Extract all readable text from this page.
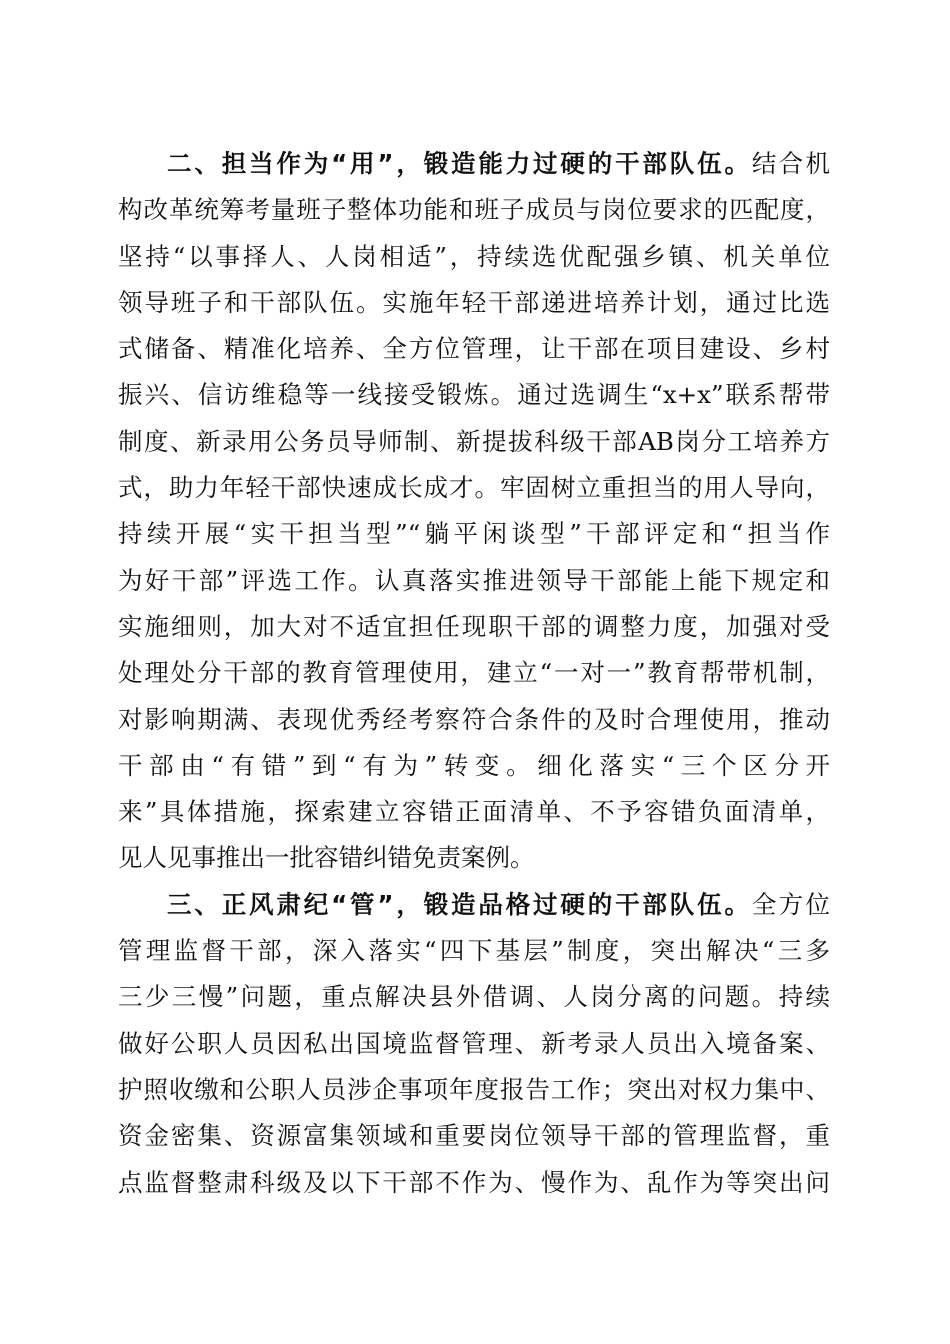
二、担当作为“用”，锻造能力过硬的干部队伍。结合机
构改革统筹考量班子整体功能和班子成员与岗位要求的匹配度，
坚持“以事择人、人岗相适”，持续选优配强乡镇、机关单位
领导班子和干部队伍。实施年轻干部递进培养计划，通过比选
式储备、精准化培养、全方位管理，让干部在项目建设、乡村
振兴、信访维稳等一线接受锻炼。通过选调生“x+x”联系帮带
制度、新录用公务员导师制、新提拔科级干部AB岗分工培养方
式，助力年轻干部快速成长成才。牢固树立重担当的用人导向，
持续开展“实干担当型”“躺平闲谈型”干部评定和“担当作
为好干部”评选工作。认真落实推进领导干部能上能下规定和
实施细则，加大对不适宜担任现职干部的调整力度，加强对受
处理处分干部的教育管理使用，建立“一对一”教育帮带机制，
对影响期满、表现优秀经考察符合条件的及时合理使用，推动
干部由“有错”到“有为”转变。细化落实“三个区分开
来”具体措施，探索建立容错正面清单、不予容错负面清单，
见人见事推出一批容错纠错免责案例。
三、正风肃纪“管”，锻造品格过硬的干部队伍。全方位
管理监督干部，深入落实“四下基层”制度，突出解决“三多
三少三慢”问题，重点解决县外借调、人岗分离的问题。持续
做好公职人员因私出国境监督管理、新考录人员出入境备案、
护照收缴和公职人员涉企事项年度报告工作；突出对权力集中、
资金密集、资源富集领域和重要岗位领导干部的管理监督，重
点监督整肃科级及以下干部不作为、慢作为、乱作为等突出问
